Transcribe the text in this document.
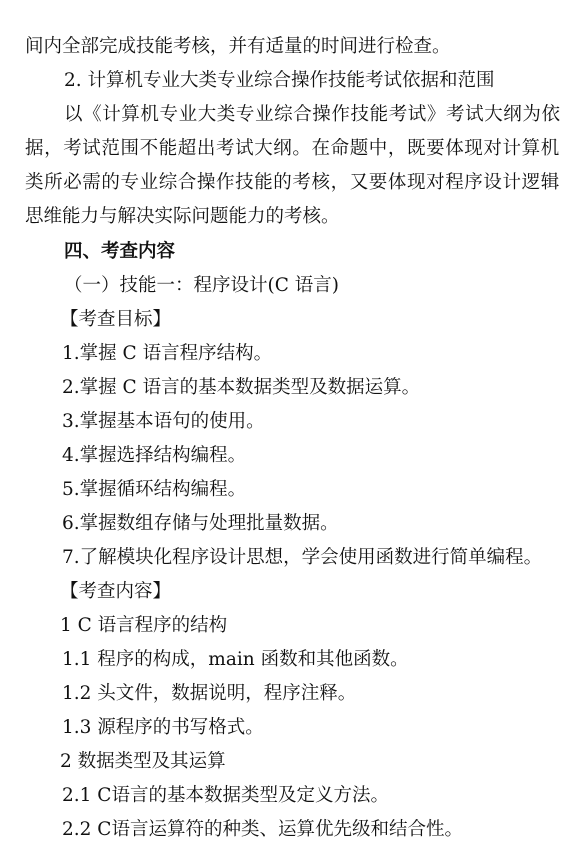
间内全部完成技能考核，并有适量的时间进行检查。
2. 计算机专业大类专业综合操作技能考试依据和范围
以《计算机专业大类专业综合操作技能考试》考试大纲为依
据，考试范围不能超出考试大纲。在命题中，既要体现对计算机
类所必需的专业综合操作技能的考核，又要体现对程序设计逻辑
思维能力与解决实际问题能力的考核。
四、考查内容
（一）技能一：程序设计(C 语言)
【考查目标】
1.掌握 C 语言程序结构。
2.掌握 C 语言的基本数据类型及数据运算。
3.掌握基本语句的使用。
4.掌握选择结构编程。
5.掌握循环结构编程。
6.掌握数组存储与处理批量数据。
7.了解模块化程序设计思想，学会使用函数进行简单编程。
【考查内容】
1 C 语言程序的结构
1.1 程序的构成，main 函数和其他函数。
1.2 头文件，数据说明，程序注释。
1.3 源程序的书写格式。
2 数据类型及其运算
2.1 C语言的基本数据类型及定义方法。
2.2 C语言运算符的种类、运算优先级和结合性。
